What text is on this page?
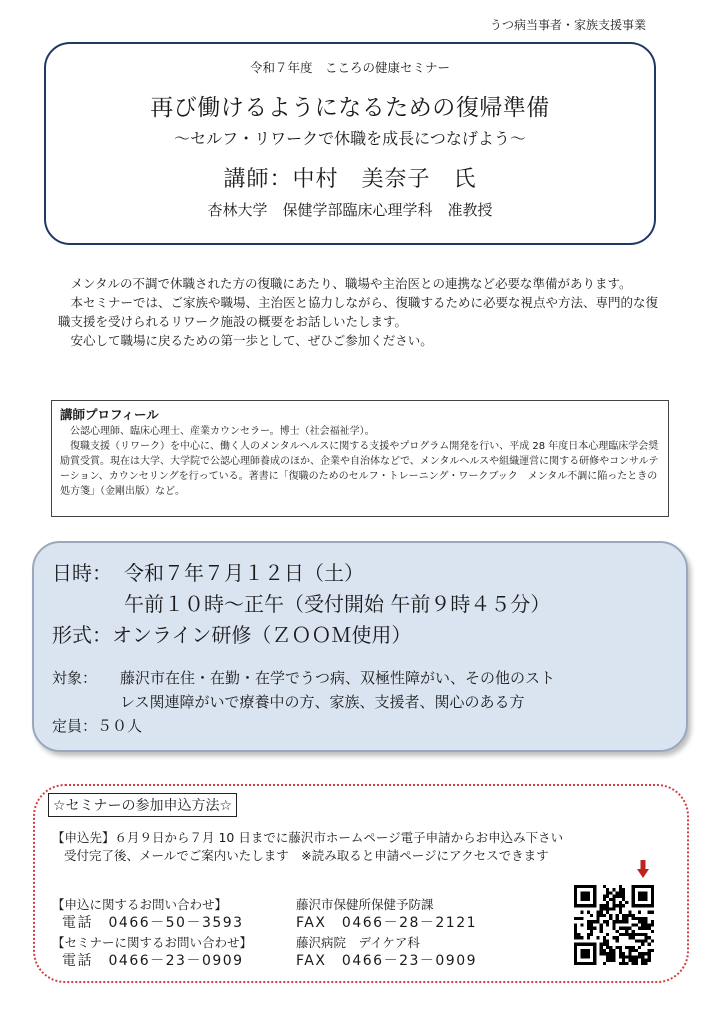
うつ病当事者・家族支援事業
令和７年度　こころの健康セミナー
再び働けるようになるための復帰準備
～セルフ・リワークで休職を成長につなげよう～
講師：中村　美奈子　氏
杏林大学　保健学部臨床心理学科　准教授

メンタルの不調で休職された方の復職にあたり、職場や主治医との連携など必要な準備があります。

本セミナーでは、ご家族や職場、主治医と協力しながら、復職するために必要な視点や方法、専門的な復職支援を受けられるリワーク施設の概要をお話しいたします。

安心して職場に戻るための第一歩として、ぜひご参加ください。

講師プロフィール

公認心理師、臨床心理士、産業カウンセラー。博士（社会福祉学）。

復職支援（リワーク）を中心に、働く人のメンタルヘルスに関する支援やプログラム開発を行い、平成 28 年度日本心理臨床学会奨励賞受賞。現在は大学、大学院で公認心理師養成のほか、企業や自治体などで、メンタルヘルスや組織運営に関する研修やコンサルテーション、カウンセリングを行っている。著書に「復職のためのセルフ・トレーニング・ワークブック　メンタル不調に陥ったときの処方箋」（金剛出版）など。

日時： 令和７年７月１２日（土）
午前１０時～正午（受付開始 午前９時４５分）
形式：オンライン研修（ＺＯＯＭ使用）
対象： 藤沢市在住・在勤・在学でうつ病、双極性障がい、その他のスト
レス関連障がいで療養中の方、家族、支援者、関心のある方
定員：５０人
☆セミナーの参加申込方法☆
【申込先】６月９日から７月 10 日までに藤沢市ホームページ電子申請からお申込み下さい
受付完了後、メールでご案内いたします　※読み取ると申請ページにアクセスできます
【申込に関するお問い合わせ】	藤沢市保健所保健予防課
電話　0466－50－3593	FAX　0466－28－2121
【セミナーに関するお問い合わせ】	藤沢病院　デイケア科
電話　0466－23－0909	FAX　0466－23－0909
